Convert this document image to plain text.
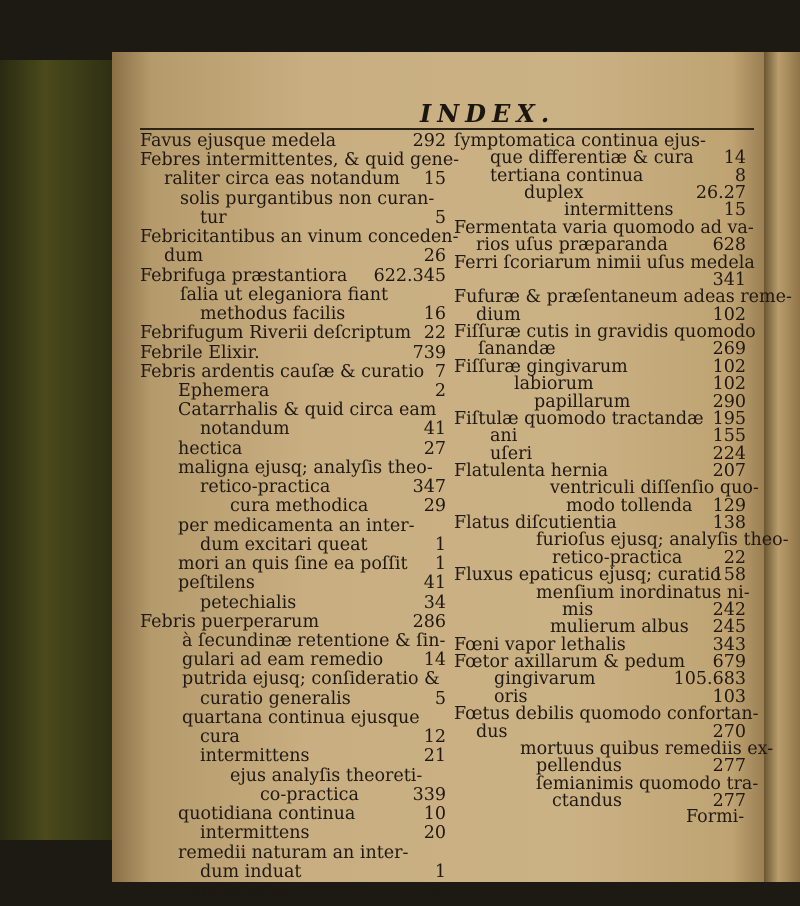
INDEX.
Favus ejusque medela	292
Febres intermittentes, & quid gene-
raliter circa eas notandum 15
solis purgantibus non curan-
tur	5
Febricitantibus an vinum conceden-
dum	26
Febrifuga præstantiora 622.345
ſalia ut eleganiora fiant
methodus facilis	16
Febrifugum Riverii deſcriptum 22
Febrile Elixir.	739
Febris ardentis cauſæ & curatio 7
Ephemera	2
Catarrhalis & quid circa eam
notandum	41
hectica	27
maligna ejusq; analyſis theo-
retico-practica	347
cura methodica	29
per medicamenta an inter-
dum excitari queat	1
mori an quis ſine ea poſſit 1
peſtilens	41
petechialis	34
Febris puerperarum	286
à ſecundinæ retentione & ſin-
gulari ad eam remedio 14
putrida ejusq; conſideratio &
curatio generalis	5
quartana continua ejusque
cura	12
intermittens	21
ejus analyſis theoreti-
co-practica	339
quotidiana continua	10
intermittens	20
remedii naturam an inter-
dum induat	1
ſemitertiana	26
ſymptomatica continua ejus-
que differentiæ & cura 14
tertiana continua	8
duplex	26.27
intermittens	15
Fermentata varia quomodo ad va-
rios uſus præparanda	628
Ferri ſcoriarum nimii uſus medela
341
Fufuræ & præſentaneum adeas reme-
dium	102
Fiſſuræ cutis in gravidis quomodo
ſanandæ	269
Fiſſuræ gingivarum	102
labiorum	102
papillarum	290
Fiſtulæ quomodo tractandæ 195
ani	155
uſeri	224
Flatulenta hernia	207
ventriculi diſſenſio quo-
modo tollenda 129
Flatus diſcutientia	138
furioſus ejusq; analyſis theo-
retico-practica 22
Fluxus epaticus ejusq; curatio
158
menſium inordinatus ni-
mis	242
mulierum albus 245
Fœni vapor lethalis	343
Fœtor axillarum & pedum 679
gingivarum	105.683
oris	103
Fœtus debilis quomodo confortan-
dus	270
mortuus quibus remediis ex-
pellendus	277
ſemianimis quomodo tra-
ctandus	277
Formi-
